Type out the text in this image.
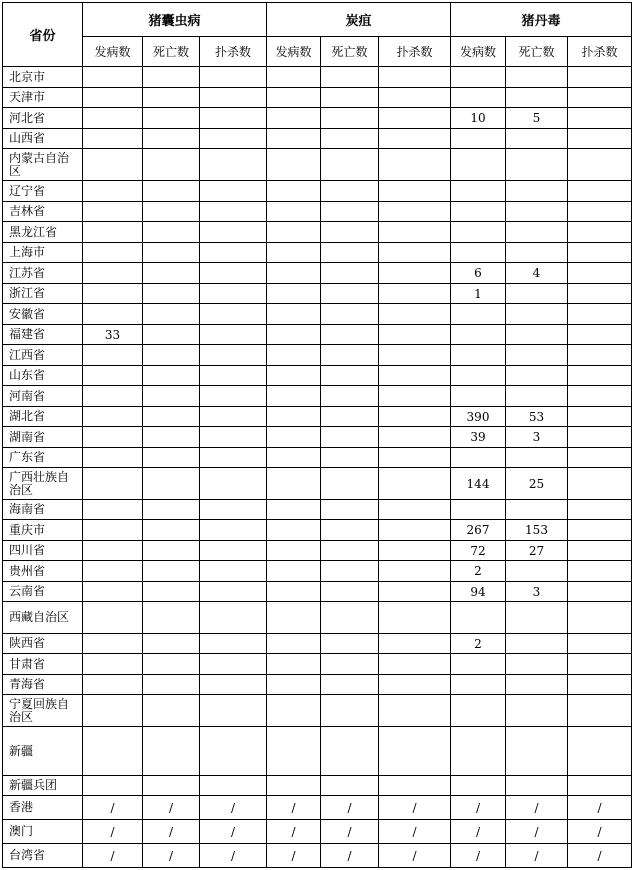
省份	猪囊虫病			炭疽			猪丹毒		
	发病数	死亡数	扑杀数	发病数	死亡数	扑杀数	发病数	死亡数	扑杀数
北京市									
天津市									
河北省							10	5	
山西省									
内蒙古自治区									
辽宁省									
吉林省									
黑龙江省									
上海市									
江苏省							6	4	
浙江省							1		
安徽省									
福建省	33								
江西省									
山东省									
河南省									
湖北省							390	53	
湖南省							39	3	
广东省									
广西壮族自治区							144	25	
海南省									
重庆市							267	153	
四川省							72	27	
贵州省							2		
云南省							94	3	
西藏自治区									
陕西省							2		
甘肃省									
青海省									
宁夏回族自治区									
新疆									
新疆兵团									
香港	/	/	/	/	/	/	/	/	/
澳门	/	/	/	/	/	/	/	/	/
台湾省	/	/	/	/	/	/	/	/	/
